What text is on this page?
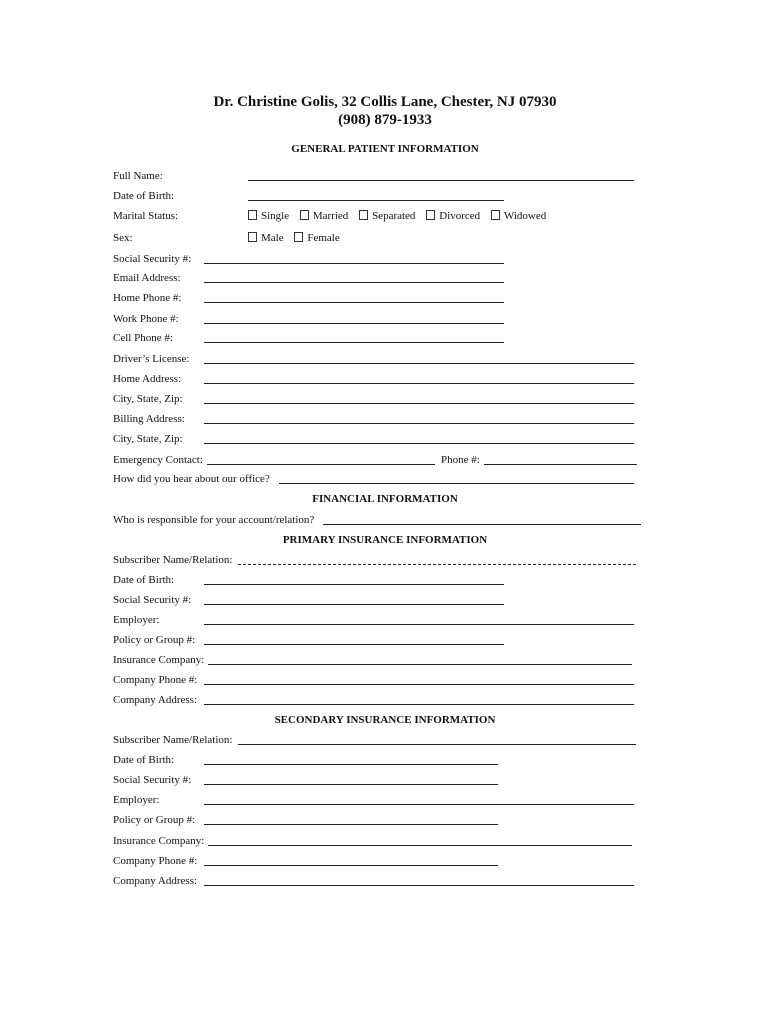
Dr. Christine Golis, 32 Collis Lane, Chester, NJ 07930
(908) 879-1933
GENERAL PATIENT INFORMATION
Full Name:
Date of Birth:
Marital Status:	Single Married Separated Divorced Widowed
Sex:	Male Female
Social Security #:
Email Address:
Home Phone #:
Work Phone #:
Cell Phone #:
Driver’s License:
Home Address:
City, State, Zip:
Billing Address:
City, State, Zip:
Emergency Contact:	Phone #:
How did you hear about our office?
FINANCIAL INFORMATION
Who is responsible for your account/relation?
PRIMARY INSURANCE INFORMATION
Subscriber Name/Relation:
Date of Birth:
Social Security #:
Employer:
Policy or Group #:
Insurance Company:
Company Phone #:
Company Address:
SECONDARY INSURANCE INFORMATION
Subscriber Name/Relation:
Date of Birth:
Social Security #:
Employer:
Policy or Group #:
Insurance Company:
Company Phone #:
Company Address:
